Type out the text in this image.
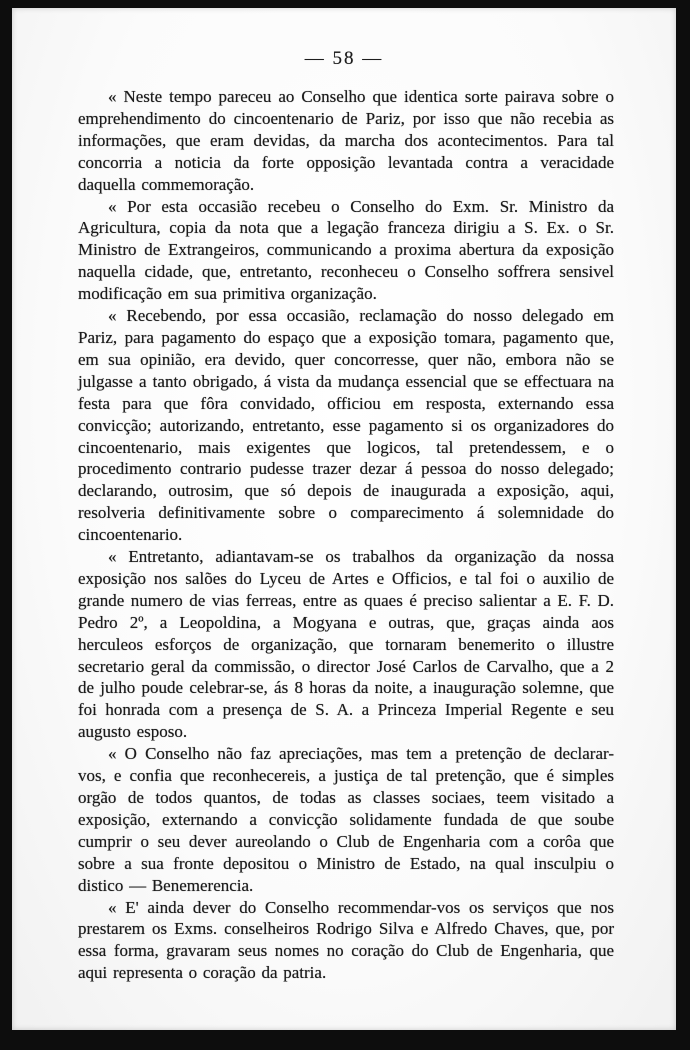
— 58 —

« Neste tempo pareceu ao Conselho que identica sorte pairava sobre o emprehendimento do cincoentenario de Pariz, por isso que não recebia as informações, que eram devidas, da marcha dos acontecimentos. Para tal concorria a noticia da forte opposição levantada contra a veracidade daquella commemoração.

« Por esta occasião recebeu o Conselho do Exm. Sr. Ministro da Agricultura, copia da nota que a legação franceza dirigiu a S. Ex. o Sr. Ministro de Extrangeiros, communicando a proxima abertura da exposição naquella cidade, que, entretanto, reconheceu o Conselho soffrera sensivel modificação em sua primitiva organização.

« Recebendo, por essa occasião, reclamação do nosso delegado em Pariz, para pagamento do espaço que a exposição tomara, pagamento que, em sua opinião, era devido, quer concorresse, quer não, embora não se julgasse a tanto obrigado, á vista da mudança essencial que se effectuara na festa para que fôra convidado, officiou em resposta, externando essa convicção; autorizando, entretanto, esse pagamento si os organizadores do cincoentenario, mais exigentes que logicos, tal pretendessem, e o procedimento contrario pudesse trazer dezar á pessoa do nosso delegado; declarando, outrosim, que só depois de inaugurada a exposição, aqui, resolveria definitivamente sobre o comparecimento á solemnidade do cincoentenario.

« Entretanto, adiantavam-se os trabalhos da organização da nossa exposição nos salões do Lyceu de Artes e Officios, e tal foi o auxilio de grande numero de vias ferreas, entre as quaes é preciso salientar a E. F. D. Pedro 2º, a Leopoldina, a Mogyana e outras, que, graças ainda aos herculeos esforços de organização, que tornaram benemerito o illustre secretario geral da commissão, o director José Carlos de Carvalho, que a 2 de julho poude celebrar-se, ás 8 horas da noite, a inauguração solemne, que foi honrada com a presença de S. A. a Princeza Imperial Regente e seu augusto esposo.

« O Conselho não faz apreciações, mas tem a pretenção de declarar-vos, e confia que reconhecereis, a justiça de tal pretenção, que é simples orgão de todos quantos, de todas as classes sociaes, teem visitado a exposição, externando a convicção solidamente fundada de que soube cumprir o seu dever aureolando o Club de Engenharia com a corôa que sobre a sua fronte depositou o Ministro de Estado, na qual insculpiu o distico — Benemerencia.

« E' ainda dever do Conselho recommendar-vos os serviços que nos prestarem os Exms. conselheiros Rodrigo Silva e Alfredo Chaves, que, por essa forma, gravaram seus nomes no coração do Club de Engenharia, que aqui representa o coração da patria.
